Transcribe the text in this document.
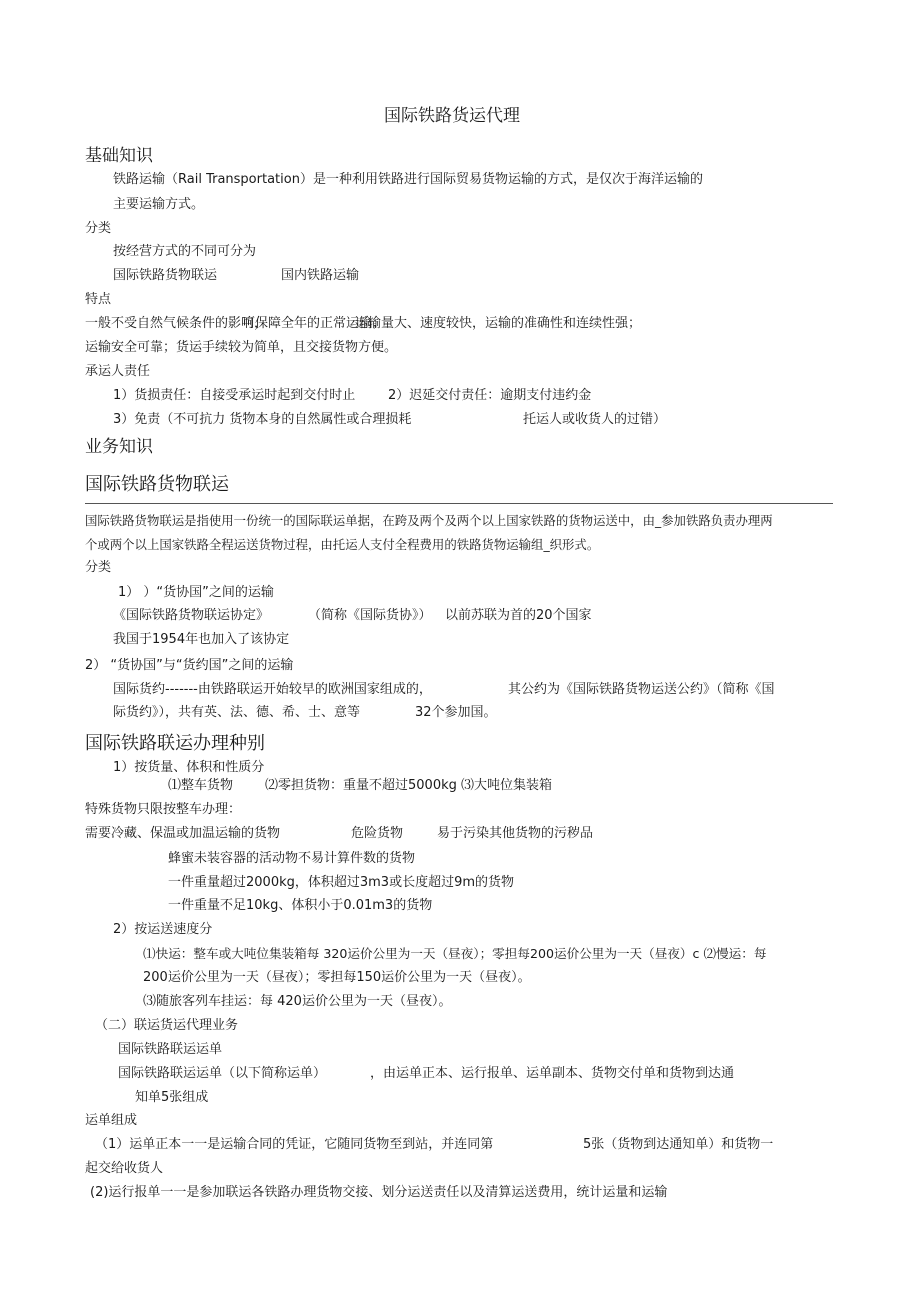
国际铁路货运代理
基础知识
铁路运输（Rail Transportation）是一种利用铁路进行国际贸易货物运输的方式，是仅次于海洋运输的
主要运输方式。
分类
按经营方式的不同可分为
国际铁路货物联运	国内铁路运输
特点
一般不受自然气候条件的影响，
可保障全年的正常运输；
运输量大、速度较快，运输的准确性和连续性强；
运输安全可靠；货运手续较为简单，且交接货物方便。
承运人责任
1）货损责任：自接受承运时起到交付时止	2）迟延交付责任：逾期支付违约金
3）免责（不可抗力 货物本身的自然属性或合理损耗	托运人或收货人的过错）
业务知识
国际铁路货物联运
国际铁路货物联运是指使用一份统一的国际联运单据，在跨及两个及两个以上国家铁路的货物运送中，由_参加铁路负责办理两
个或两个以上国家铁路全程运送货物过程，由托运人支付全程费用的铁路货物运输组_织形式。
分类
1） ）“货协国”之间的运输
《国际铁路货物联运协定》	（简称《国际货协》） 以前苏联为首的20个国家
我国于1954年也加入了该协定
2） “货协国”与“货约国”之间的运输
国际货约-------由铁路联运开始较早的欧洲国家组成的，	其公约为《国际铁路货物运送公约》（简称《国
际货约》），共有英、法、德、希、士、意等	32个参加国。
国际铁路联运办理种别
1）按货量、体积和性质分
⑴整车货物 ⑵零担货物：重量不超过5000kg ⑶大吨位集装箱
特殊货物只限按整车办理：
需要冷藏、保温或加温运输的货物	危险货物	易于污染其他货物的污秽品
蜂蜜未装容器的活动物不易计算件数的货物
一件重量超过2000kg，体积超过3m3或长度超过9m的货物
一件重量不足10kg、体积小于0.01m3的货物
2）按运送速度分
⑴快运：整车或大吨位集装箱每 320运价公里为一天（昼夜）；零担每200运价公里为一天（昼夜）c ⑵慢运：每
200运价公里为一天（昼夜）；零担每150运价公里为一天（昼夜）。
⑶随旅客列车挂运：每 420运价公里为一天（昼夜）。
（二）联运货运代理业务
国际铁路联运运单
国际铁路联运运单（以下简称运单）	，由运单正本、运行报单、运单副本、货物交付单和货物到达通
知单5张组成
运单组成
（1）运单正本一一是运输合同的凭证，它随同货物至到站，并连同第	5张（货物到达通知单）和货物一
起交给收货人
(2)运行报单一一是参加联运各铁路办理货物交接、划分运送责任以及清算运送费用，统计运量和运输
